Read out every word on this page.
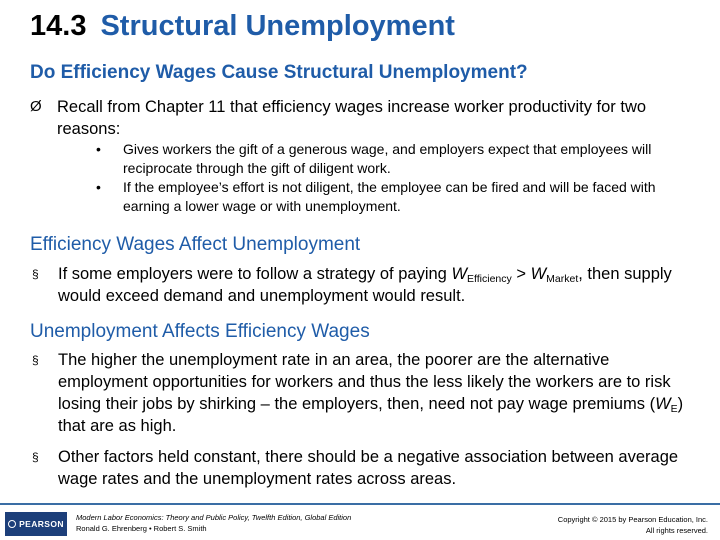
14.3 Structural Unemployment
Do Efficiency Wages Cause Structural Unemployment?
Ø Recall from Chapter 11 that efficiency wages increase worker productivity for two reasons:
• Gives workers the gift of a generous wage, and employers expect that employees will reciprocate through the gift of diligent work.
• If the employee’s effort is not diligent, the employee can be fired and will be faced with earning a lower wage or with unemployment.
Efficiency Wages Affect Unemployment
§	If some employers were to follow a strategy of paying $W_{Efficiency} > W_{Market}$, then supply would exceed demand and unemployment would result.
Unemployment Affects Efficiency Wages
§	The higher the unemployment rate in an area, the poorer are the alternative employment opportunities for workers and thus the less likely the workers are to risk losing their jobs by shirking – the employers, then, need not pay wage premiums $(W_E)$ that are as high.
§	Other factors held constant, there should be a negative association between average wage rates and the unemployment rates across areas.
PEARSON
Modern Labor Economics: Theory and Public Policy, Twelfth Edition, Global Edition
Ronald G. Ehrenberg • Robert S. Smith
Copyright © 2015 by Pearson Education, Inc.
All rights reserved.
